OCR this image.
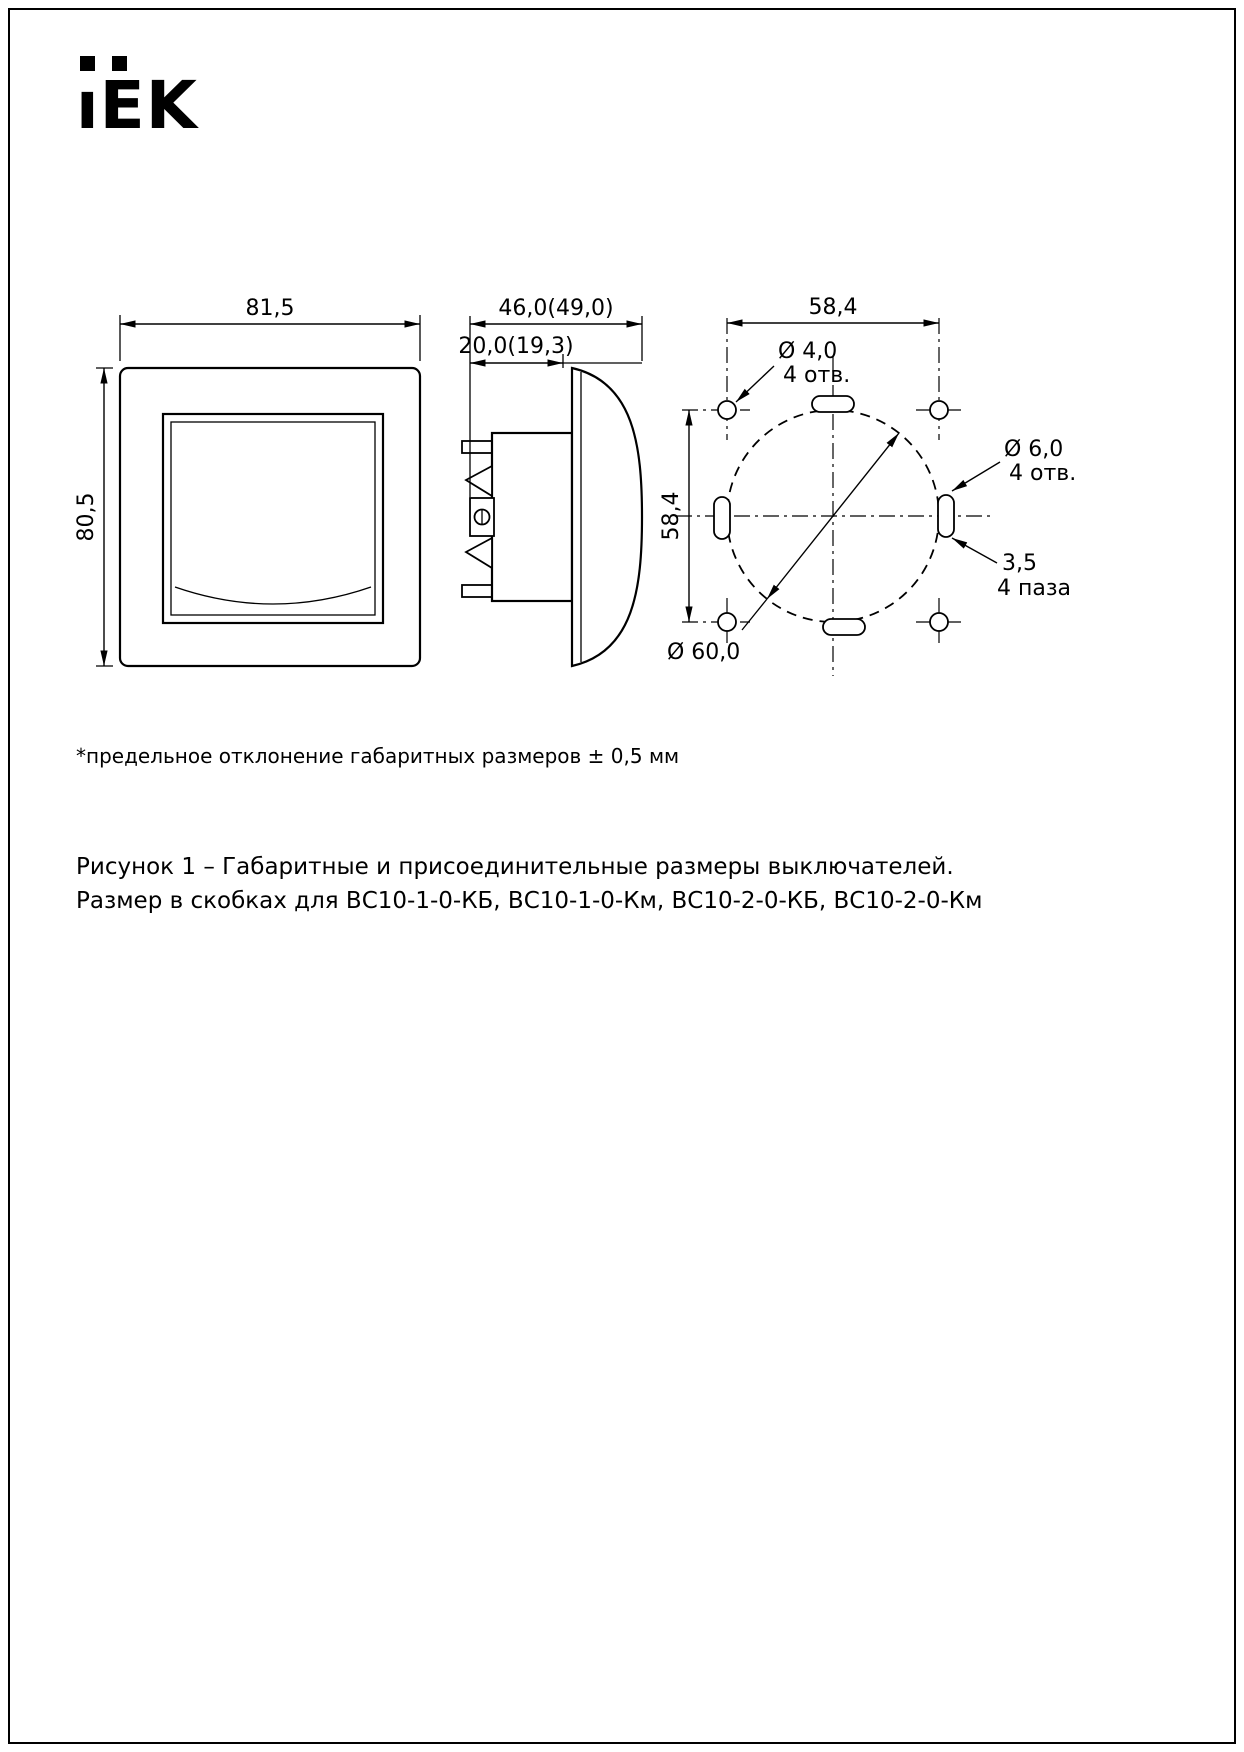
ıEK
81,5
80,5
46,0(49,0)
20,0(19,3)
58,4
58,4
Ø 4,0
4 отв.
Ø 6,0
4 отв.
3,5
4 паза
Ø 60,0
*предельное отклонение габаритных размеров ± 0,5 мм
Рисунок 1 – Габаритные и присоединительные размеры выключателей.
Размер в скобках для ВС10-1-0-КБ, ВС10-1-0-Км, ВС10-2-0-КБ, ВС10-2-0-Км
